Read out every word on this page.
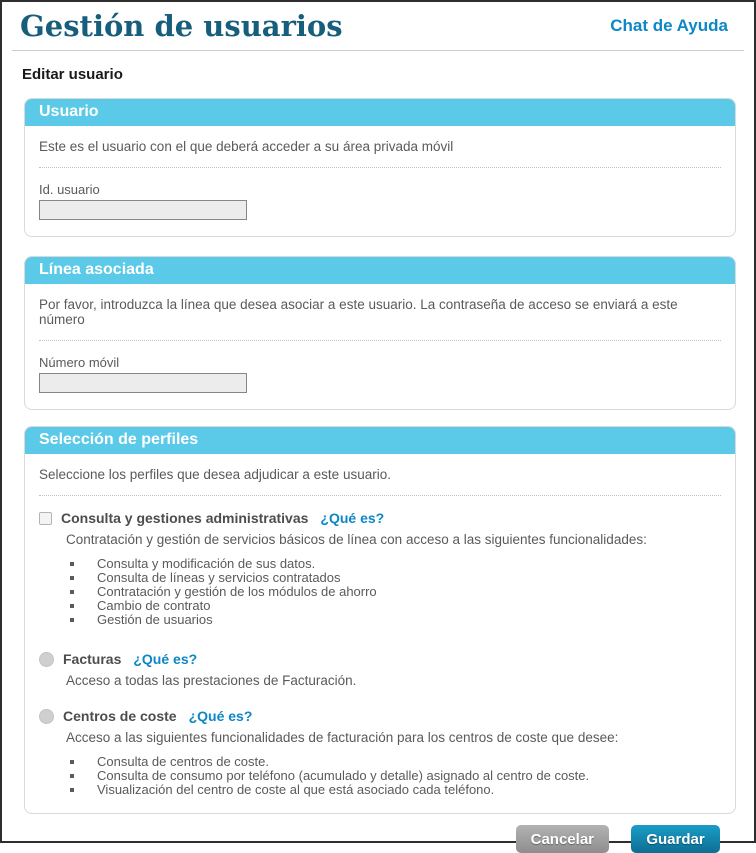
Gestión de usuarios	Chat de Ayuda
Editar usuario
Usuario

Este es el usuario con el que deberá acceder a su área privada móvil

Id. usuario
Línea asociada

Por favor, introduzca la línea que desea asociar a este usuario. La contraseña de acceso se enviará a este número

Número móvil
Selección de perfiles

Seleccione los perfiles que desea adjudicar a este usuario.

Consulta y gestiones administrativas ¿Qué es?

Contratación y gestión de servicios básicos de línea con acceso a las siguientes funcionalidades:

▪ Consulta y modificación de sus datos.
▪ Consulta de líneas y servicios contratados
▪ Contratación y gestión de los módulos de ahorro
▪ Cambio de contrato
▪ Gestión de usuarios
Facturas ¿Qué es?

Acceso a todas las prestaciones de Facturación.

Centros de coste ¿Qué es?

Acceso a las siguientes funcionalidades de facturación para los centros de coste que desee:

▪ Consulta de centros de coste.
▪ Consulta de consumo por teléfono (acumulado y detalle) asignado al centro de coste.
▪ Visualización del centro de coste al que está asociado cada teléfono.
Cancelar	Guardar
